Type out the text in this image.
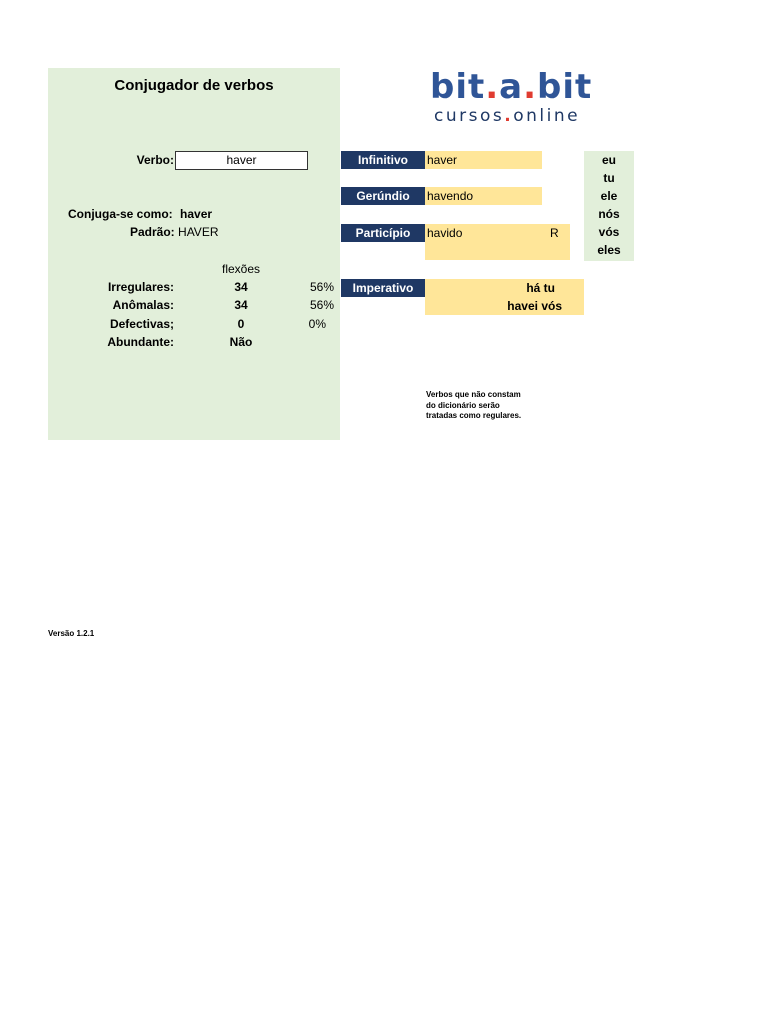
Conjugador de verbos
Verbo:	haver
Conjuga-se como: haver
Padrão: HAVER
flexões
Irregulares:	34	56%
Anômalas:	34	56%
Defectivas;	0	0%
Abundante:	Não
bit.a.bit
cursos.online
Infinitivo	haver
Gerúndio	havendo
Particípio	havido	R
Imperativo	há tu
havei vós
eu
tu
ele
nós
vós
eles
Verbos que não constam
do dicionário serão
tratadas como regulares.
Versão 1.2.1
